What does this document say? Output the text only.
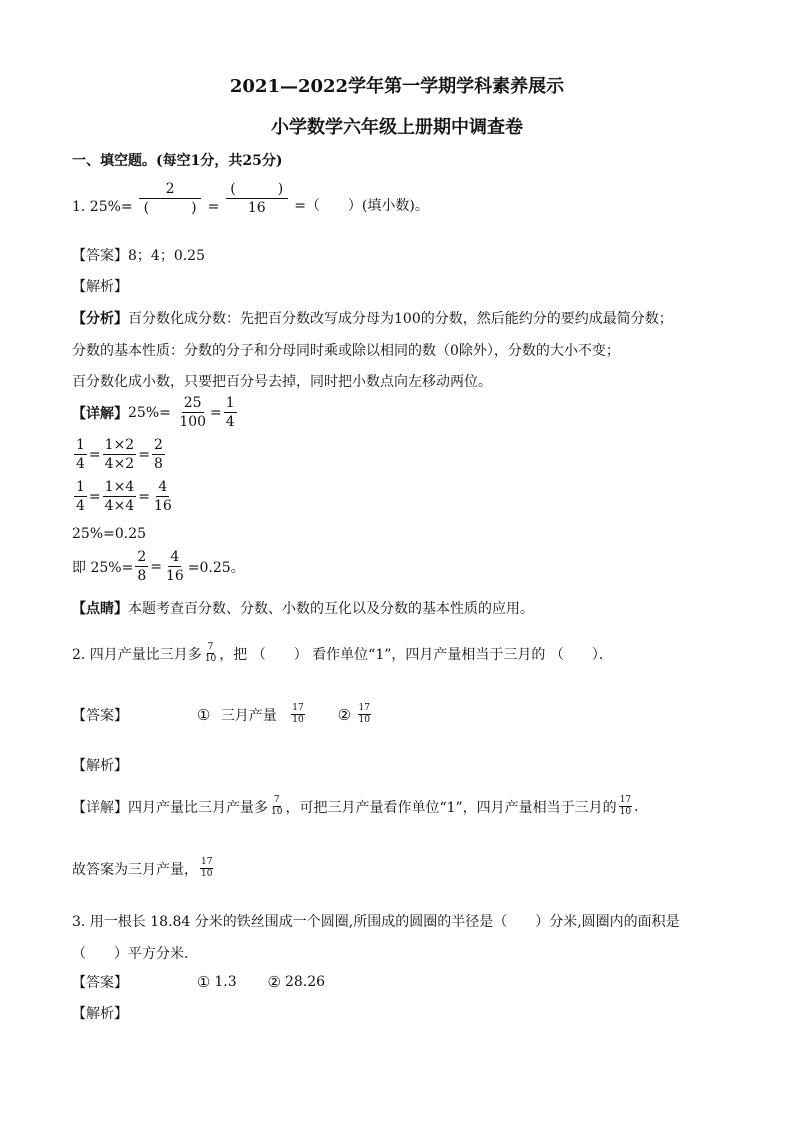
2021—2022学年第一学期学科素养展示
小学数学六年级上册期中调查卷
一、填空题。(每空1分，共25分)
1. $25\%= \frac{2}{( )} = \frac{( )}{16}$ =（　　）(填小数)。
【答案】8；4；0.25
【解析】
【分析】百分数化成分数：先把百分数改写成分母为100的分数，然后能约分的要约成最简分数；
分数的基本性质：分数的分子和分母同时乘或除以相同的数（0除外），分数的大小不变；
百分数化成小数，只要把百分号去掉，同时把小数点向左移动两位。
【详解】$25\%= \frac{25}{100} = \frac{1}{4}$
$\frac{1}{4} = \frac{1\times 2}{4\times 2} = \frac{2}{8}$
$\frac{1}{4} = \frac{1\times 4}{4\times 4} = \frac{4}{16}$
25%=0.25
即 $25\%= \frac{2}{8} = \frac{4}{16} =0.25$。
【点睛】本题考查百分数、分数、小数的互化以及分数的基本性质的应用。
2. 四月产量比三月多 $\frac{7}{10}$ ，把 （　　） 看作单位“1”，四月产量相当于三月的 （　　）．
【答案】	① 三月产量 $\frac{17}{10}$ ② $\frac{17}{10}$
【解析】
【详解】四月产量比三月产量多 $\frac{7}{10}$ ，可把三月产量看作单位“1”，四月产量相当于三月的 $\frac{17}{10}$ .
故答案为三月产量， $\frac{17}{10}$
3. 用一根长 18.84 分米的铁丝围成一个圆圈,所围成的圆圈的半径是（　　）分米,圆圈内的面积是
（　　）平方分米．
【答案】	① 1.3 ② 28.26
【解析】
